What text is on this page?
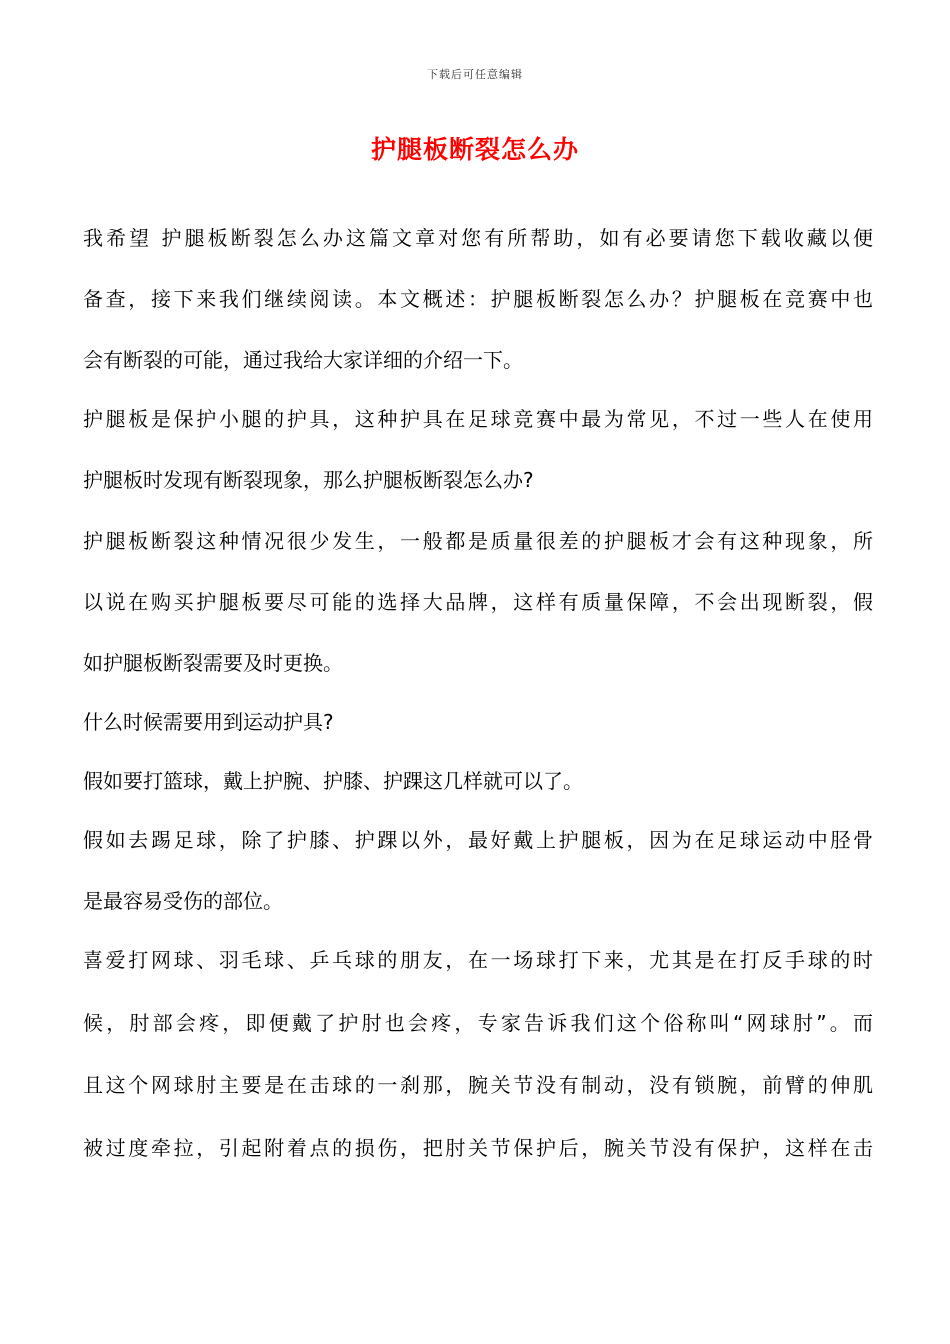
下载后可任意编辑
护腿板断裂怎么办
我希望 护腿板断裂怎么办这篇文章对您有所帮助，如有必要请您下载收藏以便
备查，接下来我们继续阅读。本文概述：护腿板断裂怎么办？护腿板在竞赛中也
会有断裂的可能，通过我给大家详细的介绍一下。
护腿板是保护小腿的护具，这种护具在足球竞赛中最为常见，不过一些人在使用
护腿板时发现有断裂现象，那么护腿板断裂怎么办?
护腿板断裂这种情况很少发生，一般都是质量很差的护腿板才会有这种现象，所
以说在购买护腿板要尽可能的选择大品牌，这样有质量保障，不会出现断裂，假
如护腿板断裂需要及时更换。
什么时候需要用到运动护具?
假如要打篮球，戴上护腕、护膝、护踝这几样就可以了。
假如去踢足球，除了护膝、护踝以外，最好戴上护腿板，因为在足球运动中胫骨
是最容易受伤的部位。
喜爱打网球、羽毛球、乒乓球的朋友，在一场球打下来，尤其是在打反手球的时
候，肘部会疼，即便戴了护肘也会疼，专家告诉我们这个俗称叫“网球肘”。而
且这个网球肘主要是在击球的一刹那，腕关节没有制动，没有锁腕，前臂的伸肌
被过度牵拉，引起附着点的损伤，把肘关节保护后，腕关节没有保护，这样在击
